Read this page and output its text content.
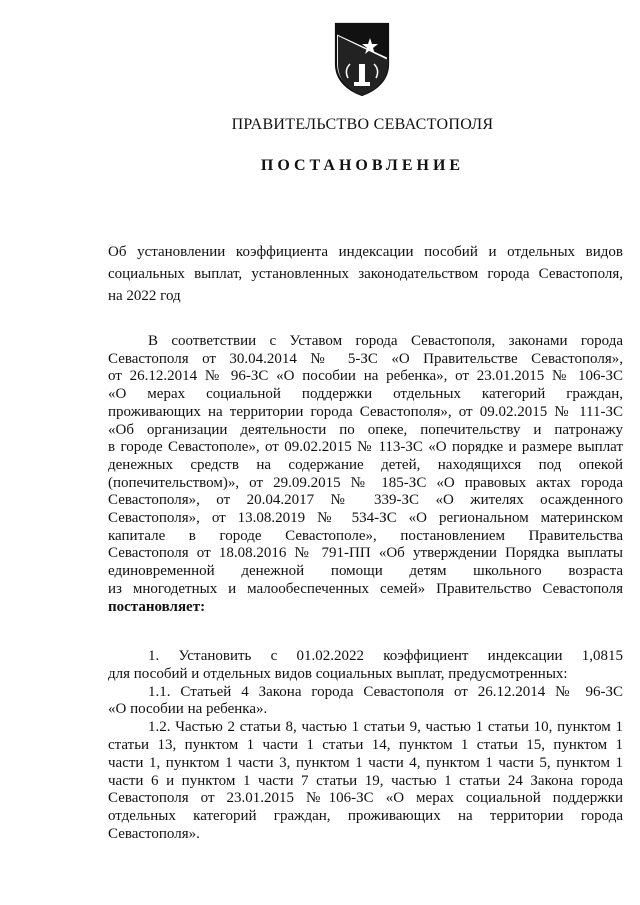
ПРАВИТЕЛЬСТВО СЕВАСТОПОЛЯ
ПОСТАНОВЛЕНИЕ
Об установлении коэффициента индексации пособий и отдельных видов
социальных выплат, установленных законодательством города Севастополя,
на 2022 год
В соответствии с Уставом города Севастополя, законами города
Севастополя от 30.04.2014 № 5-ЗС «О Правительстве Севастополя»,
от 26.12.2014 № 96-ЗС «О пособии на ребенка», от 23.01.2015 № 106-ЗС
«О мерах социальной поддержки отдельных категорий граждан,
проживающих на территории города Севастополя», от 09.02.2015 № 111-ЗС
«Об организации деятельности по опеке, попечительству и патронажу
в городе Севастополе», от 09.02.2015 № 113-ЗС «О порядке и размере выплат
денежных средств на содержание детей, находящихся под опекой
(попечительством)», от 29.09.2015 № 185-ЗС «О правовых актах города
Севастополя», от 20.04.2017 № 339-ЗС «О жителях осажденного
Севастополя», от 13.08.2019 № 534-ЗС «О региональном материнском
капитале в городе Севастополе», постановлением Правительства
Севастополя от 18.08.2016 № 791-ПП «Об утверждении Порядка выплаты
единовременной денежной помощи детям школьного возраста
из многодетных и малообеспеченных семей» Правительство Севастополя
постановляет:
1. Установить с 01.02.2022 коэффициент индексации 1,0815
для пособий и отдельных видов социальных выплат, предусмотренных:
1.1. Статьей 4 Закона города Севастополя от 26.12.2014 № 96-ЗС
«О пособии на ребенка».
1.2. Частью 2 статьи 8, частью 1 статьи 9, частью 1 статьи 10, пунктом 1
статьи 13, пунктом 1 части 1 статьи 14, пунктом 1 статьи 15, пунктом 1
части 1, пунктом 1 части 3, пунктом 1 части 4, пунктом 1 части 5, пунктом 1
части 6 и пунктом 1 части 7 статьи 19, частью 1 статьи 24 Закона города
Севастополя от 23.01.2015 №106-ЗС «О мерах социальной поддержки
отдельных категорий граждан, проживающих на территории города
Севастополя».
